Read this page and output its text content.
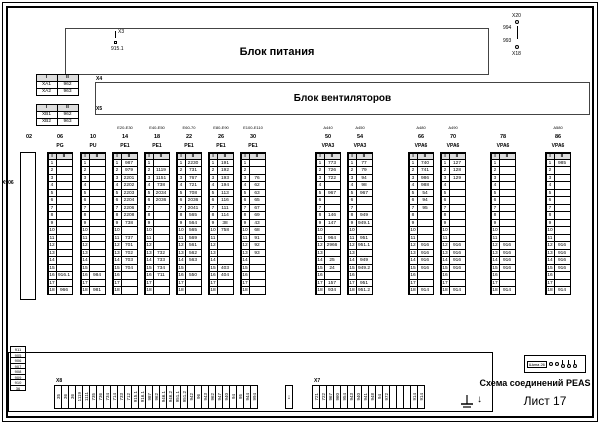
Блок питания
X3
915.1
X20
994
993
X18
Блок вентиляторов
I	II
XA1	962
XA2	963
X4
I	II
XB1	962
XB2	963
X5
X906
02	06
PG
I	II
1
2
3
4
5
6
7
8
9
10
11
12
13
14
15
16 916.1
17
18	966
10
PU
I	II
1
2
3
4
5
6
7
8
9
10
11
12
13
14
15
16	984
17
18	981
E20-E30
14
PE1
I	II
1	987
2	979
3	2201
4	2202
5	2203
6	2204
7	2206
8	2208
9	738
10
11	737
12	701
13	702
14	703
15	704
16
17
18
E40-E50
18
PE1
I	II
1
2	1119
3	1151
4	738
5	2034
6	2036
7
8
9
10
11
12
13	732
14	733
15	734
16	711
17
18
E60-70
22
PE1
I	II
1	2230
2	731
3	767
4	721
5	708
6	2036
7	2041
8	565
9	564
10	565
11	569
12	561
13	562
14	563
15
16	550
17
18
E80-E90
26
PE1
I	II
1	191
2	192
3	193
4	194
5	113
6	116
7	111
8	114
9	38
10	758
11
12
13
14
15	403
16	404
17
18
E100-E110
30
PE1
I	II
1
2
3	76
4	62
5	63
6	65
7	67
8	69
9	43
10	68
11	91
12	92
13	93
14
15
16
17
18
A440
50
VPA3
I	II
1	773
2	726
3	722
4
5	967
6
7
8	146
9	147
10
11	964
12 2966
13
14	25
15	24
16
17	157
18	934
A450
54
VPA3
I	II
1	77
2	79
3	94
4	98
5	967
6
7
8	949
9 949.1
10
11	951
12 951.1
13
14	949
15 949.2
16
17	951
18 951.2
A480
66
VPA6
I	II
1	740
2	741
3	986
4	988
5	54
6	94
7	95
8
9
10
11
12	916
13	916
14	916
15	916
16
17
18	914
A490
70
VPA6
I	II
1	127
2	128
3	129
4
5
6
7
8
9
10
11
12	916
13	916
14	916
15	916
16
17
18	914
78
VPA6
I	II
1
2
3
4
5
6
7
8
9
10
11
12	916
13	916
14	916
15	916
16
17
18	914
A580
86
VPA6
I	II
1	985
2
3
4
5
6
7
8
9
10
11
12	916
13	916
14	916
15	916
16
17
18	914
911
905
906
907
908
909
910
36
X8
35 36 36 1119 1111 735 736 734 714 733 712 915.1 916.1 987 962 946.1 946.2 951.1 951.2 942 96 943 962 947 940 94 95 944 994	↓
X7
721 722 967 960 954 943 940 941 948 94 972	914 914	↓
Шина 26
Схема соединений PEAS
Лист 17
